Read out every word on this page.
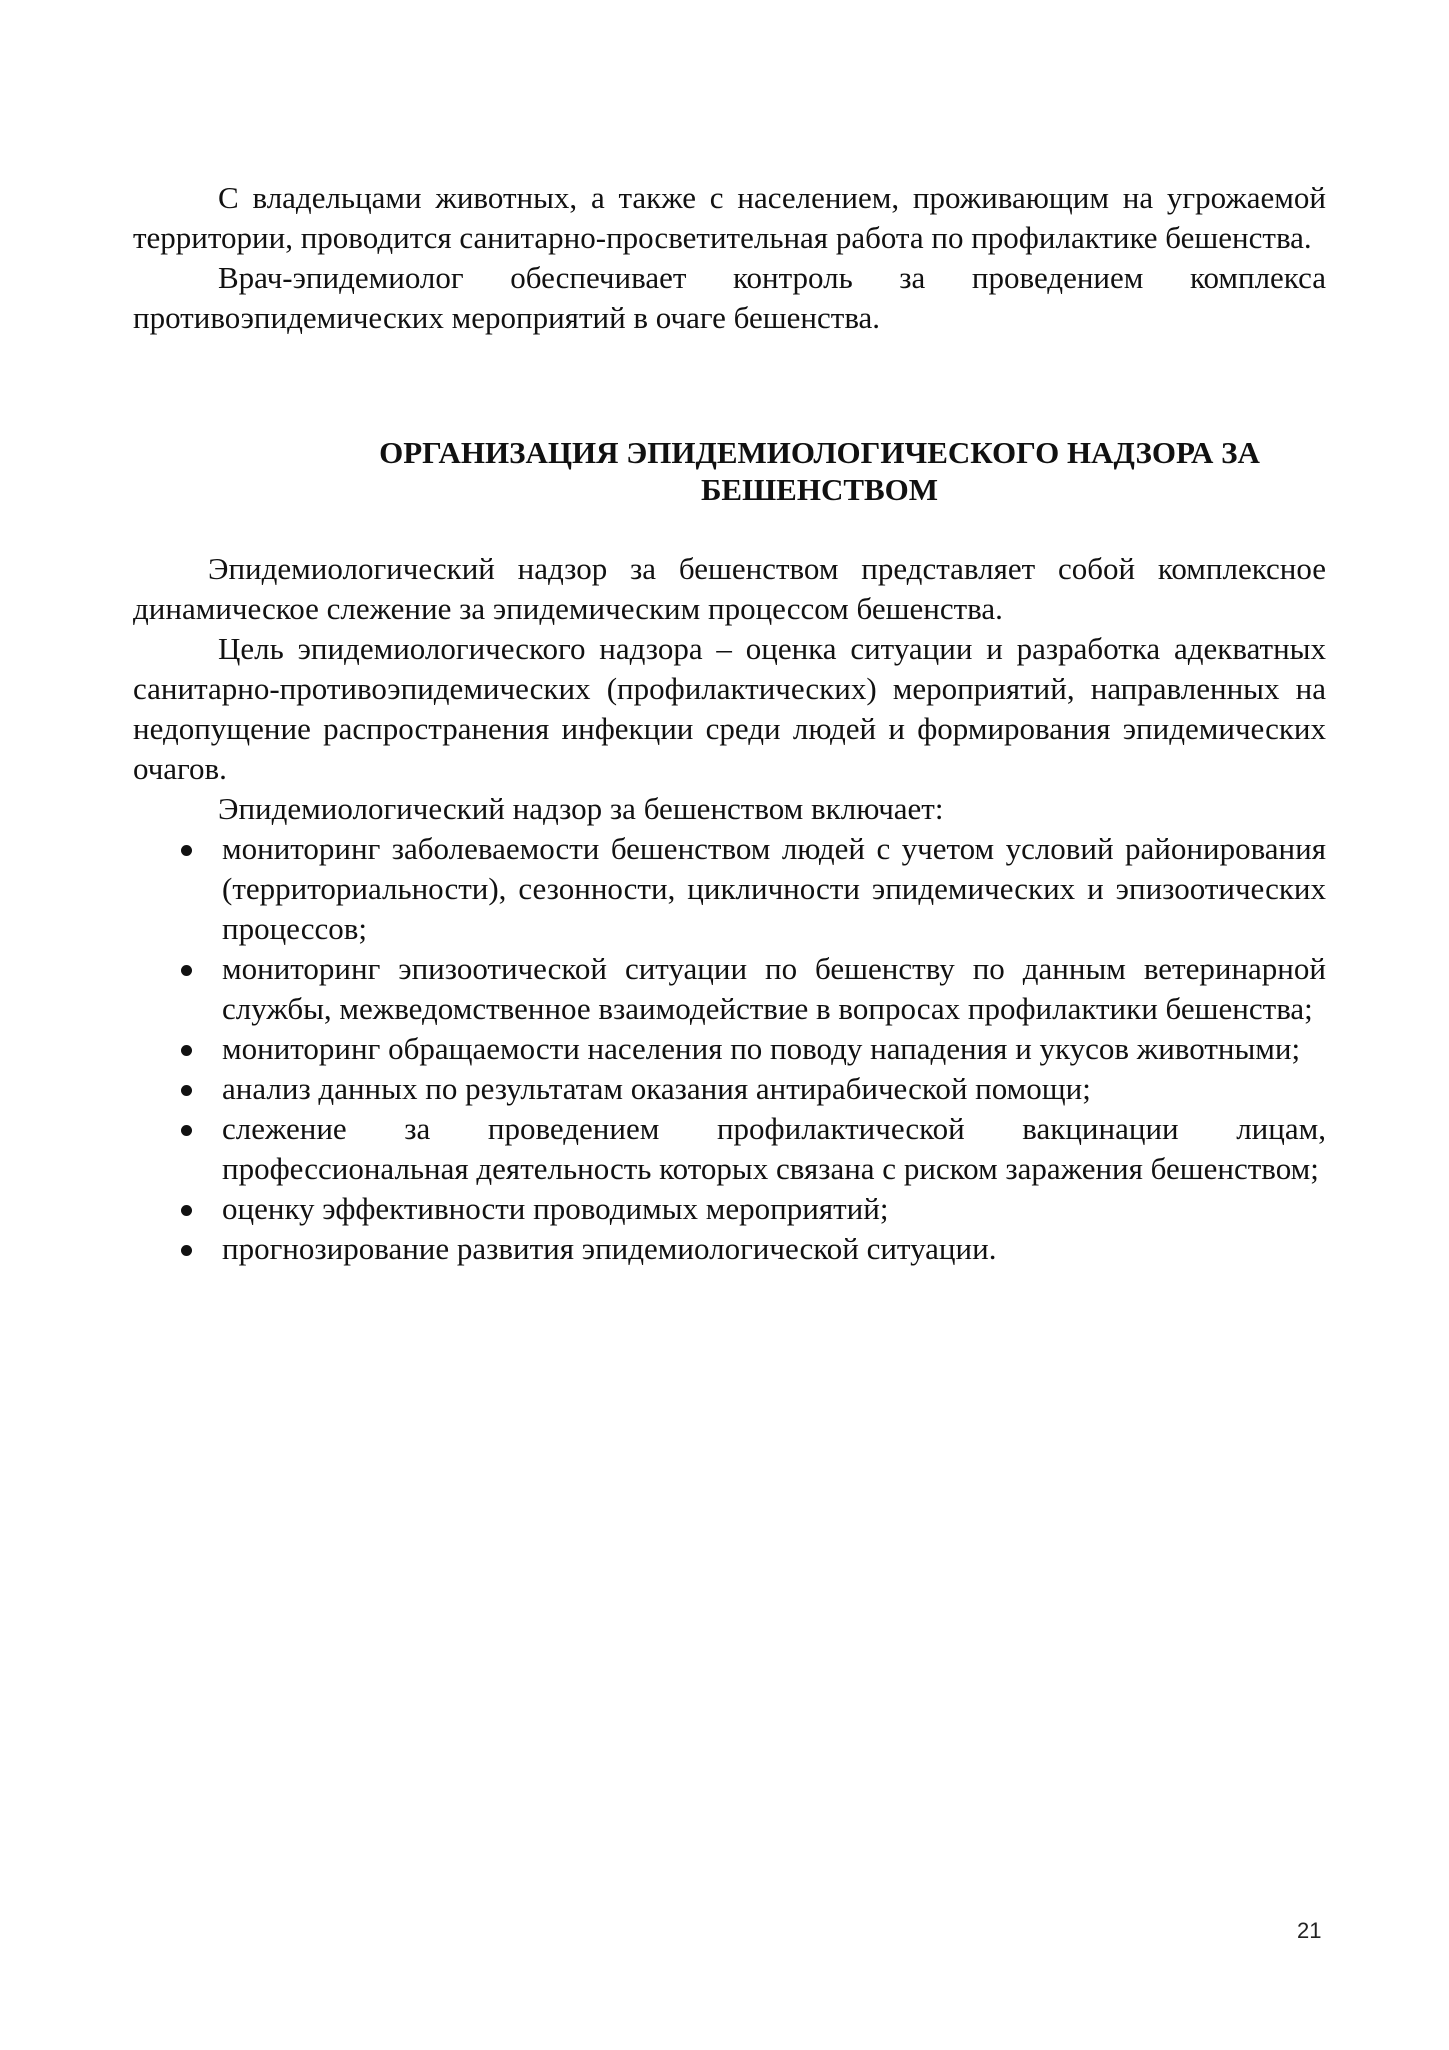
С владельцами животных, а также с населением, проживающим на угрожаемой территории, проводится санитарно-просветительная работа по профилактике бешенства.

Врач-эпидемиолог обеспечивает контроль за проведением комплекса противоэпидемических мероприятий в очаге бешенства.

ОРГАНИЗАЦИЯ ЭПИДЕМИОЛОГИЧЕСКОГО НАДЗОРА ЗА
БЕШЕНСТВОМ

Эпидемиологический надзор за бешенством представляет собой комплексное динамическое слежение за эпидемическим процессом бешенства.

Цель эпидемиологического надзора – оценка ситуации и разработка адекватных санитарно-противоэпидемических (профилактических) мероприятий, направленных на недопущение распространения инфекции среди людей и формирования эпидемических очагов.

Эпидемиологический надзор за бешенством включает:

мониторинг заболеваемости бешенством людей с учетом условий районирования (территориальности), сезонности, цикличности эпидемических и эпизоотических процессов;
мониторинг эпизоотической ситуации по бешенству по данным ветеринарной службы, межведомственное взаимодействие в вопросах профилактики бешенства;
мониторинг обращаемости населения по поводу нападения и укусов животными;
анализ данных по результатам оказания антирабической помощи;
слежение за проведением профилактической вакцинации лицам, профессиональная деятельность которых связана с риском заражения бешенством;
оценку эффективности проводимых мероприятий;
прогнозирование развития эпидемиологической ситуации.
21
